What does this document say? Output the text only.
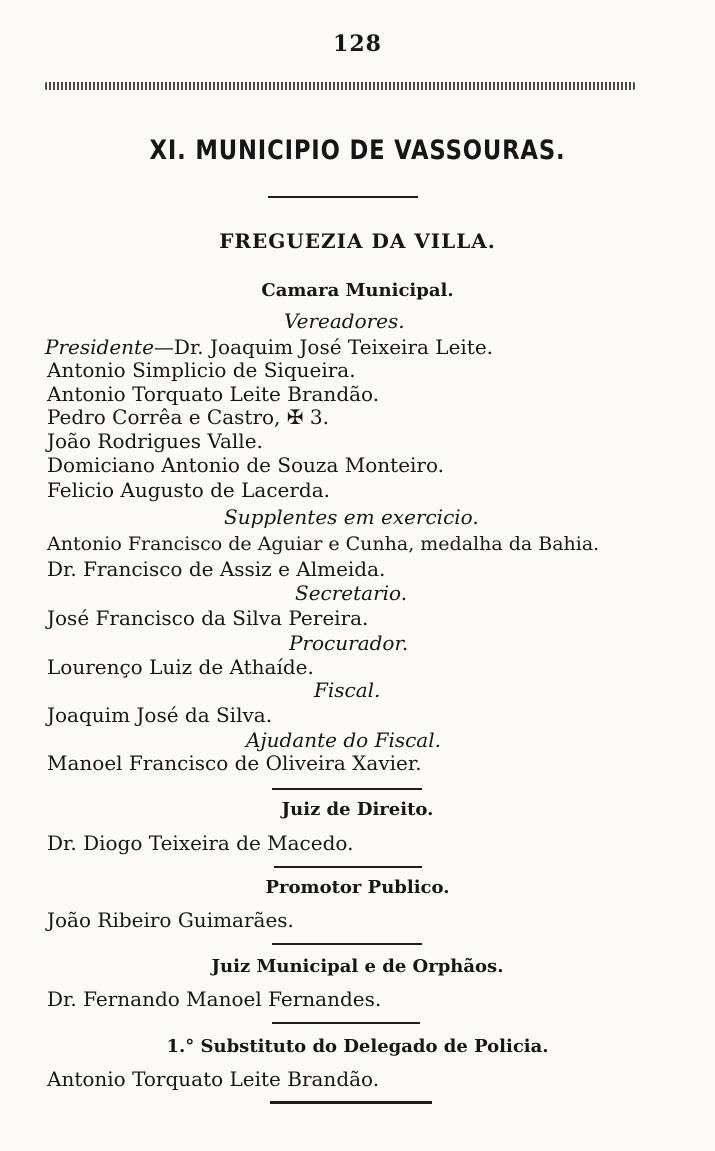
128
XI. MUNICIPIO DE VASSOURAS.
FREGUEZIA DA VILLA.
Camara Municipal.
Vereadores.
Presidente—Dr. Joaquim José Teixeira Leite.
Antonio Simplicio de Siqueira.
Antonio Torquato Leite Brandão.
Pedro Corrêa e Castro, ✠ 3.
João Rodrigues Valle.
Domiciano Antonio de Souza Monteiro.
Felicio Augusto de Lacerda.
Supplentes em exercicio.
Antonio Francisco de Aguiar e Cunha, medalha da Bahia.
Dr. Francisco de Assiz e Almeida.
Secretario.
José Francisco da Silva Pereira.
Procurador.
Lourenço Luiz de Athaíde.
Fiscal.
Joaquim José da Silva.
Ajudante do Fiscal.
Manoel Francisco de Oliveira Xavier.
Juiz de Direito.
Dr. Diogo Teixeira de Macedo.
Promotor Publico.
João Ribeiro Guimarães.
Juiz Municipal e de Orphãos.
Dr. Fernando Manoel Fernandes.
1.° Substituto do Delegado de Policia.
Antonio Torquato Leite Brandão.
